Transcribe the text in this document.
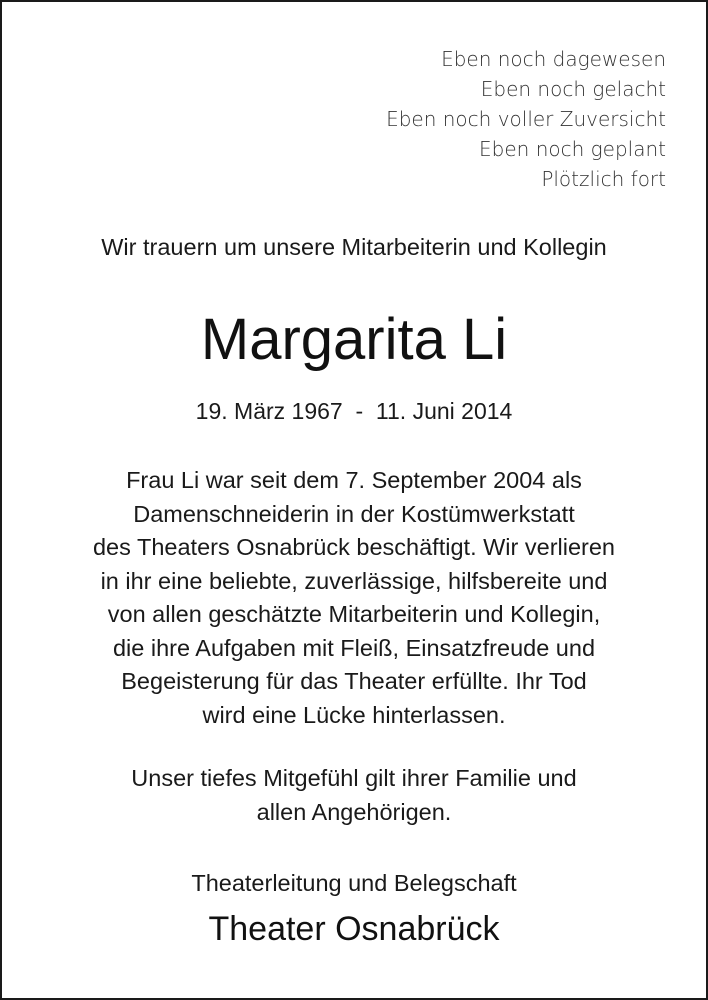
Eben noch dagewesen
Eben noch gelacht
Eben noch voller Zuversicht
Eben noch geplant
Plötzlich fort
Wir trauern um unsere Mitarbeiterin und Kollegin
Margarita Li
19. März 1967  -  11. Juni 2014
Frau Li war seit dem 7. September 2004 als
Damenschneiderin in der Kostümwerkstatt
des Theaters Osnabrück beschäftigt. Wir verlieren
in ihr eine beliebte, zuverlässige, hilfsbereite und
von allen geschätzte Mitarbeiterin und Kollegin,
die ihre Aufgaben mit Fleiß, Einsatzfreude und
Begeisterung für das Theater erfüllte. Ihr Tod
wird eine Lücke hinterlassen.
Unser tiefes Mitgefühl gilt ihrer Familie und
allen Angehörigen.
Theaterleitung und Belegschaft
Theater Osnabrück
